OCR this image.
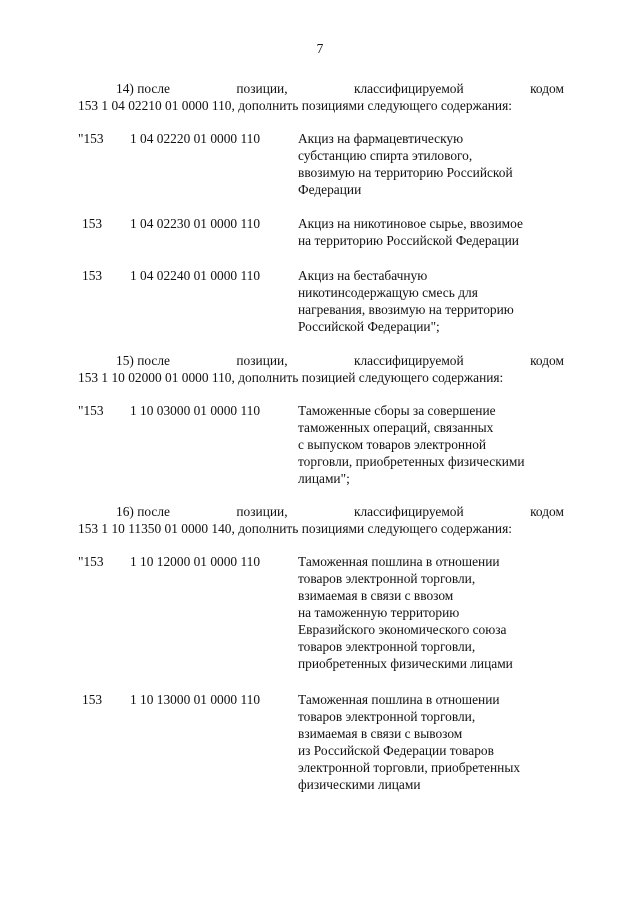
7
14) после	позиции,	классифицируемой	кодом
153 1 04 02210 01 0000 110, дополнить позициями следующего содержания:
"153 1 04 02220 01 0000 110	Акциз на фармацевтическую
субстанцию спирта этилового,
ввозимую на территорию Российской
Федерации
153 1 04 02230 01 0000 110	Акциз на никотиновое сырье, ввозимое
на территорию Российской Федерации
153 1 04 02240 01 0000 110	Акциз на бестабачную
никотинсодержащую смесь для
нагревания, ввозимую на территорию
Российской Федерации";
15) после	позиции,	классифицируемой	кодом
153 1 10 02000 01 0000 110, дополнить позицией следующего содержания:
"153 1 10 03000 01 0000 110	Таможенные сборы за совершение
таможенных операций, связанных
с выпуском товаров электронной
торговли, приобретенных физическими
лицами";
16) после	позиции,	классифицируемой	кодом
153 1 10 11350 01 0000 140, дополнить позициями следующего содержания:
"153 1 10 12000 01 0000 110	Таможенная пошлина в отношении
товаров электронной торговли,
взимаемая в связи с ввозом
на таможенную территорию
Евразийского экономического союза
товаров электронной торговли,
приобретенных физическими лицами
153 1 10 13000 01 0000 110	Таможенная пошлина в отношении
товаров электронной торговли,
взимаемая в связи с вывозом
из Российской Федерации товаров
электронной торговли, приобретенных
физическими лицами
